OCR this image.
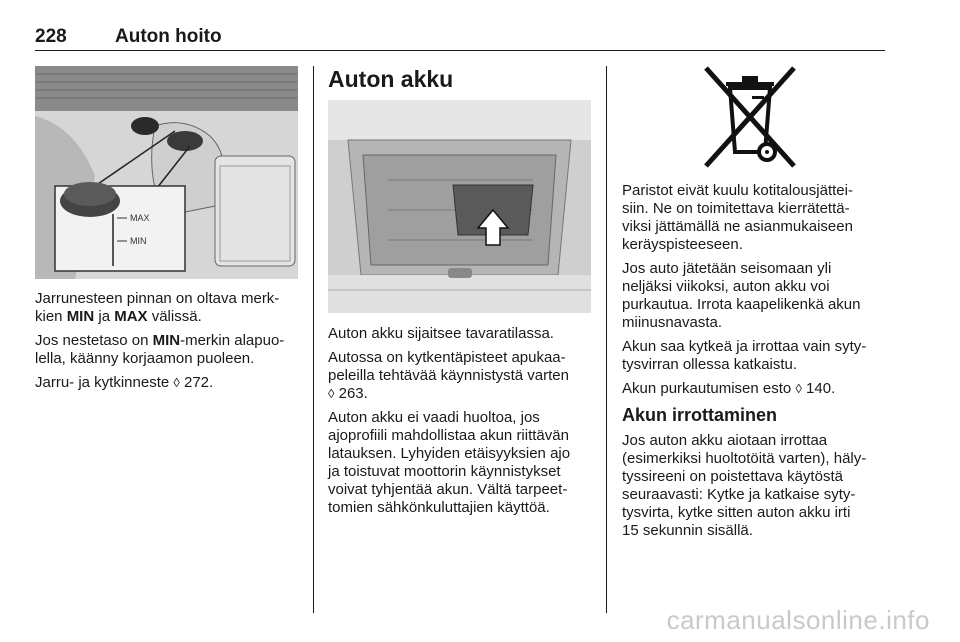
228	Auton hoito
MAX
MIN

Jarrunesteen pinnan on oltava merk-
kien MIN ja MAX välissä.

Jos nestetaso on MIN-merkin alapuo-
lella, käänny korjaamon puoleen.

Jarru- ja kytkinneste ◊ 272.

Auton akku

Auton akku sijaitsee tavaratilassa.

Autossa on kytkentäpisteet apukaa-
peleilla tehtävää käynnistystä varten
◊ 263.

Auton akku ei vaadi huoltoa, jos
ajoprofiili mahdollistaa akun riittävän
latauksen. Lyhyiden etäisyyksien ajo
ja toistuvat moottorin käynnistykset
voivat tyhjentää akun. Vältä tarpeet-
tomien sähkönkuluttajien käyttöä.

Paristot eivät kuulu kotitalousjättei-
siin. Ne on toimitettava kierrätettä-
viksi jättämällä ne asianmukaiseen
keräyspisteeseen.

Jos auto jätetään seisomaan yli
neljäksi viikoksi, auton akku voi
purkautua. Irrota kaapelikenkä akun
miinusnavasta.

Akun saa kytkeä ja irrottaa vain syty-
tysvirran ollessa katkaistu.

Akun purkautumisen esto ◊ 140.

Akun irrottaminen

Jos auton akku aiotaan irrottaa
(esimerkiksi huoltotöitä varten), häly-
tyssireeni on poistettava käytöstä
seuraavasti: Kytke ja katkaise syty-
tysvirta, kytke sitten auton akku irti
15 sekunnin sisällä.

carmanualsonline.info
